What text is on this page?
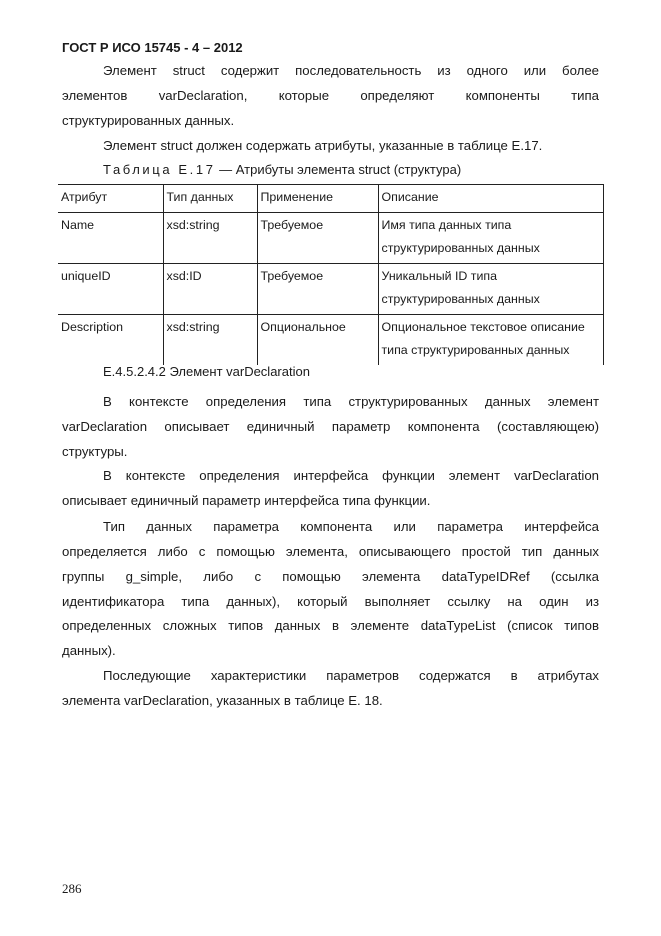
ГОСТ Р ИСО 15745 - 4 – 2012
Элемент struct содержит последовательность из одного или более
элементов varDeclaration, которые определяют компоненты типа
структурированных данных.
Элемент struct должен содержать атрибуты, указанные в таблице Е.17.
Таблица Е.17 — Атрибуты элемента struct (структура)
Атрибут	Тип данных	Применение	Описание
Name	xsd:string	Требуемое	Имя типа данных типа
структурированных данных

uniqueID	xsd:ID	Требуемое	Уникальный ID типа
структурированных данных

Description	xsd:string	Опциональное	Опциональное текстовое описание
типа структурированных данных
Е.4.5.2.4.2 Элемент varDeclaration
В контексте определения типа структурированных данных элемент
varDeclaration описывает единичный параметр компонента (составляющею)
структуры.
В контексте определения интерфейса функции элемент varDeclaration
описывает единичный параметр интерфейса типа функции.
Тип данных параметра компонента или параметра интерфейса
определяется либо с помощью элемента, описывающего простой тип данных
группы g_simple, либо с помощью элемента dataTypeIDRef (ссылка
идентификатора типа данных), который выполняет ссылку на один из
определенных сложных типов данных в элементе dataTypeList (список типов
данных).
Последующие характеристики параметров содержатся в атрибутах
элемента varDeclaration, указанных в таблице Е. 18.
286
